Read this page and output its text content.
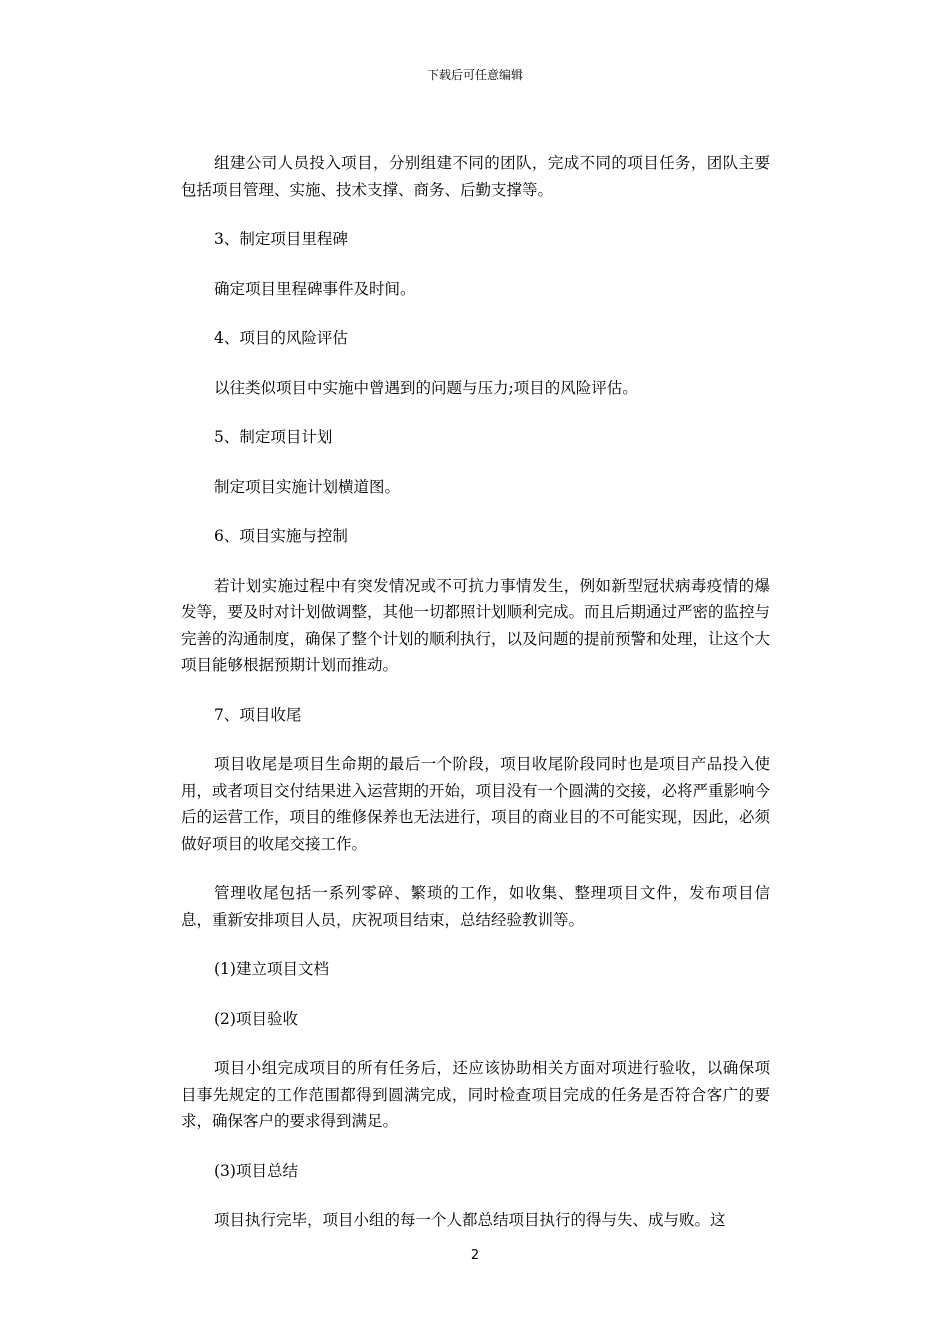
下载后可任意编辑

组建公司人员投入项目，分别组建不同的团队，完成不同的项目任务，团队主要包括项目管理、实施、技术支撑、商务、后勤支撑等。

3、制定项目里程碑

确定项目里程碑事件及时间。

4、项目的风险评估

以往类似项目中实施中曾遇到的问题与压力;项目的风险评估。

5、制定项目计划

制定项目实施计划横道图。

6、项目实施与控制

若计划实施过程中有突发情况或不可抗力事情发生，例如新型冠状病毒疫情的爆发等，要及时对计划做调整，其他一切都照计划顺利完成。而且后期通过严密的监控与完善的沟通制度，确保了整个计划的顺利执行，以及问题的提前预警和处理，让这个大项目能够根据预期计划而推动。

7、项目收尾

项目收尾是项目生命期的最后一个阶段，项目收尾阶段同时也是项目产品投入使用，或者项目交付结果进入运营期的开始，项目没有一个圆满的交接，必将严重影响今后的运营工作，项目的维修保养也无法进行，项目的商业目的不可能实现，因此，必须做好项目的收尾交接工作。

管理收尾包括一系列零碎、繁琐的工作，如收集、整理项目文件，发布项目信息，重新安排项目人员，庆祝项目结束，总结经验教训等。

(1)建立项目文档

(2)项目验收

项目小组完成项目的所有任务后，还应该协助相关方面对项进行验收，以确保项目事先规定的工作范围都得到圆满完成，同时检查项目完成的任务是否符合客广的要求，确保客户的要求得到满足。

(3)项目总结

项目执行完毕，项目小组的每一个人都总结项目执行的得与失、成与败。这

2
